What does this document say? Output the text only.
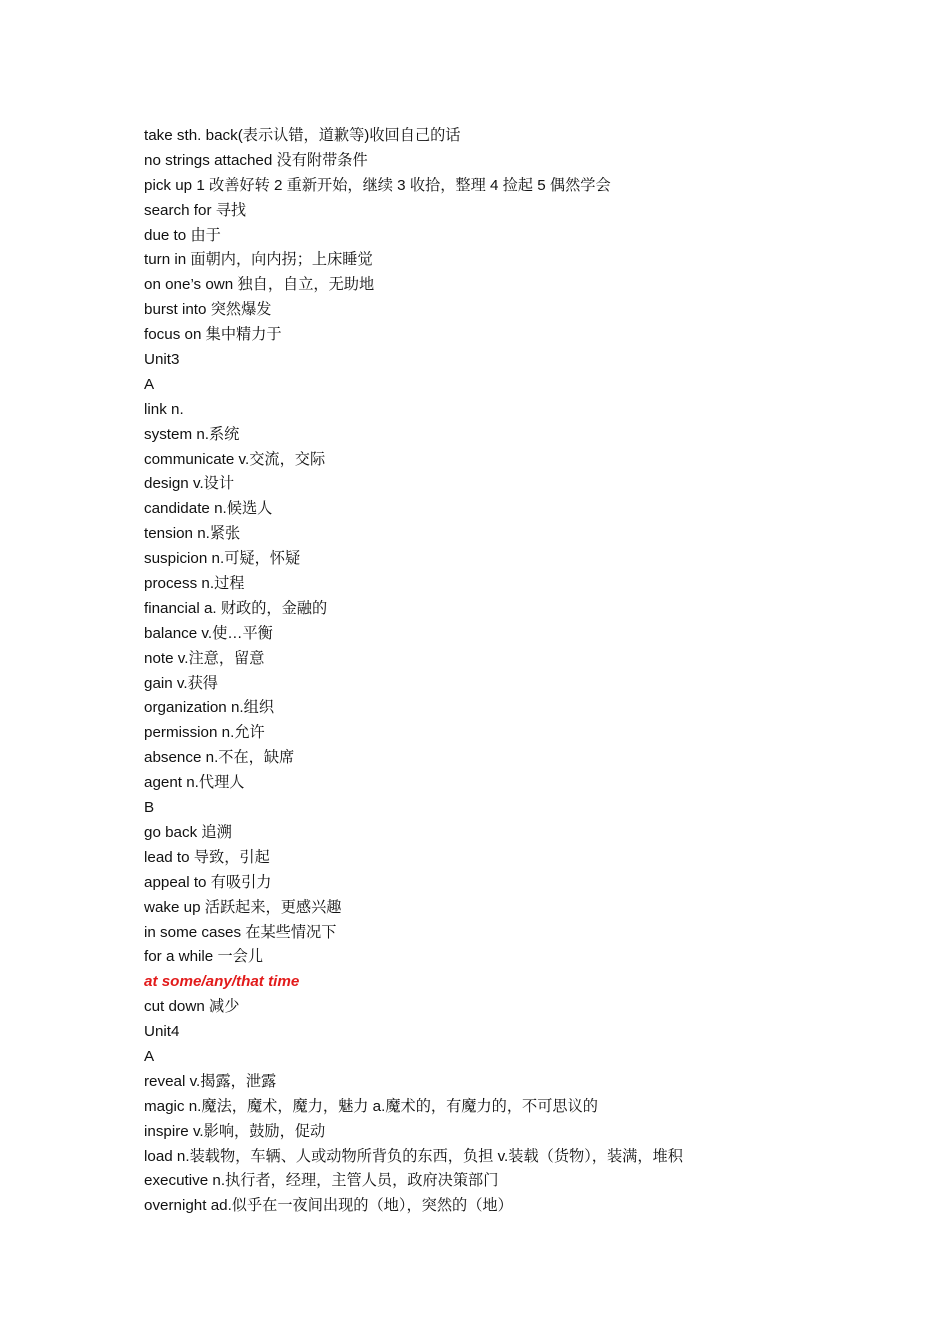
take sth. back(表示认错，道歉等)收回自己的话
no strings attached 没有附带条件
pick up 1 改善好转 2 重新开始，继续 3 收拾，整理 4 捡起 5 偶然学会
search for 寻找
due to 由于
turn in 面朝内，向内拐；上床睡觉
on one’s own 独自，自立，无助地
burst into 突然爆发
focus on 集中精力于
Unit3
A
link n.
system n.系统
communicate v.交流，交际
design v.设计
candidate n.候选人
tension n.紧张
suspicion n.可疑，怀疑
process n.过程
financial a. 财政的，金融的
balance v.使…平衡
note v.注意，留意
gain v.获得
organization n.组织
permission n.允许
absence n.不在，缺席
agent n.代理人
B
go back 追溯
lead to 导致，引起
appeal to 有吸引力
wake up 活跃起来，更感兴趣
in some cases 在某些情况下
for a while 一会儿
at some/any/that time
cut down 减少
Unit4
A
reveal v.揭露，泄露
magic n.魔法，魔术，魔力，魅力 a.魔术的，有魔力的，不可思议的
inspire v.影响，鼓励，促动
load n.装载物，车辆、人或动物所背负的东西，负担 v.装载（货物），装满，堆积
executive n.执行者，经理，主管人员，政府决策部门
overnight ad.似乎在一夜间出现的（地），突然的（地）
